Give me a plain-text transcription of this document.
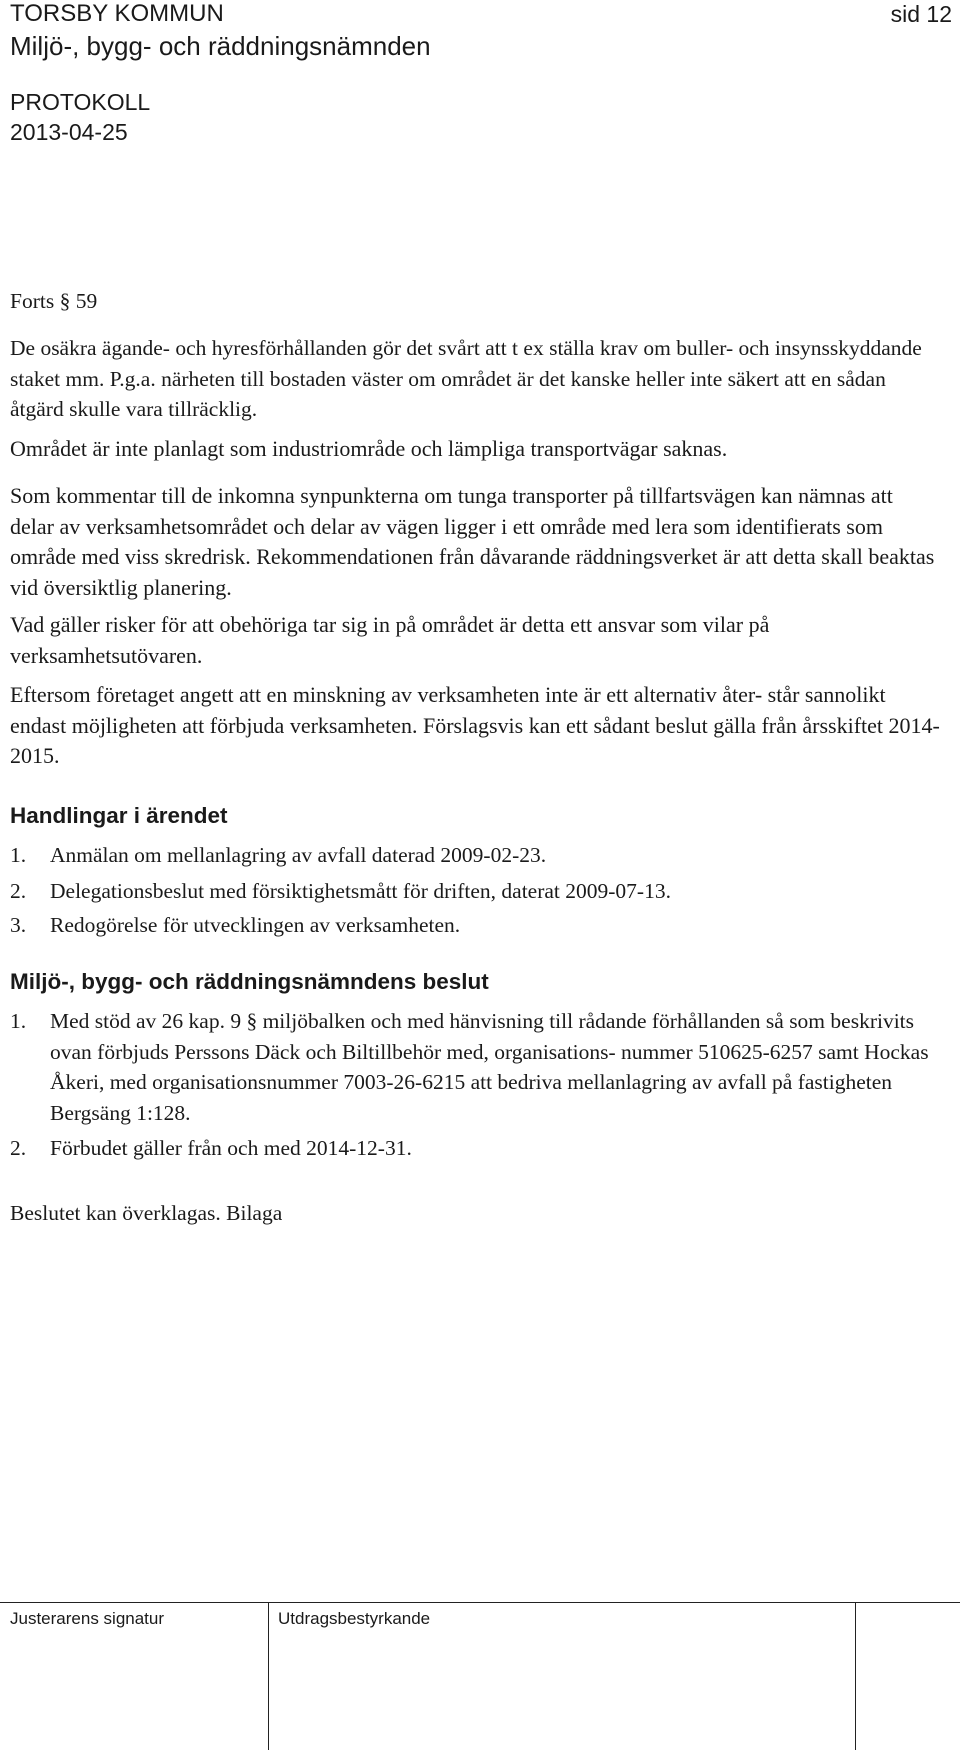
TORSBY KOMMUN
Miljö-, bygg- och räddningsnämnden
PROTOKOLL
2013-04-25
sid 12

Forts § 59

De osäkra ägande- och hyresförhållanden gör det svårt att t ex ställa krav om buller- och insynsskyddande staket mm. P.g.a. närheten till bostaden väster om området är det kanske heller inte säkert att en sådan åtgärd skulle vara tillräcklig.

Området är inte planlagt som industriområde och lämpliga transportvägar saknas.

Som kommentar till de inkomna synpunkterna om tunga transporter på tillfartsvägen kan nämnas att delar av verksamhetsområdet och delar av vägen ligger i ett område med lera som identifierats som område med viss skredrisk. Rekommendationen från dåvarande räddningsverket är att detta skall beaktas vid översiktlig planering.

Vad gäller risker för att obehöriga tar sig in på området är detta ett ansvar som vilar på verksamhetsutövaren.

Eftersom företaget angett att en minskning av verksamheten inte är ett alternativ åter- står sannolikt endast möjligheten att förbjuda verksamheten. Förslagsvis kan ett sådant beslut gälla från årsskiftet 2014-2015.

Handlingar i ärendet
1. Anmälan om mellanlagring av avfall daterad 2009-02-23.
2. Delegationsbeslut med försiktighetsmått för driften, daterat 2009-07-13.
3. Redogörelse för utvecklingen av verksamheten.
Miljö-, bygg- och räddningsnämndens beslut
1. Med stöd av 26 kap. 9 § miljöbalken och med hänvisning till rådande förhållanden så som beskrivits ovan förbjuds Perssons Däck och Biltillbehör med, organisations- nummer 510625-6257 samt Hockas Åkeri, med organisationsnummer 7003-26-6215 att bedriva mellanlagring av avfall på fastigheten Bergsäng 1:128.
2. Förbudet gäller från och med 2014-12-31.

Beslutet kan överklagas. Bilaga

Justerarens signatur	Utdragsbestyrkande
